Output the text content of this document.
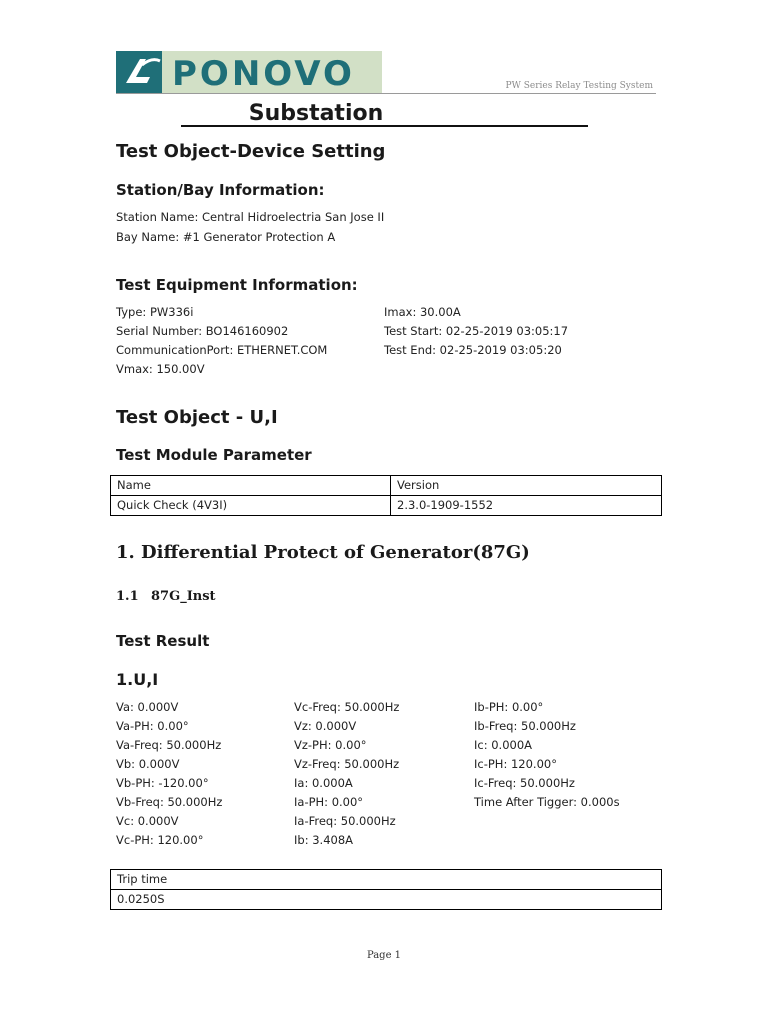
PONOVO	PW Series Relay Testing System
Substation
Test Object-Device Setting
Station/Bay Information:
Station Name: Central Hidroelectria San Jose II
Bay Name: #1 Generator Protection A
Test Equipment Information:
Type: PW336i
Serial Number: BO146160902
CommunicationPort: ETHERNET.COM
Vmax: 150.00V
Imax: 30.00A
Test Start: 02-25-2019 03:05:17
Test End: 02-25-2019 03:05:20
Test Object - U,I
Test Module Parameter
Name	Version
Quick Check (4V3I)	2.3.0-1909-1552
1. Differential Protect of Generator(87G)
1.1 87G_Inst
Test Result
1.U,I
Va: 0.000V
Va-PH: 0.00°
Va-Freq: 50.000Hz
Vb: 0.000V
Vb-PH: -120.00°
Vb-Freq: 50.000Hz
Vc: 0.000V
Vc-PH: 120.00°
Vc-Freq: 50.000Hz
Vz: 0.000V
Vz-PH: 0.00°
Vz-Freq: 50.000Hz
Ia: 0.000A
Ia-PH: 0.00°
Ia-Freq: 50.000Hz
Ib: 3.408A
Ib-PH: 0.00°
Ib-Freq: 50.000Hz
Ic: 0.000A
Ic-PH: 120.00°
Ic-Freq: 50.000Hz
Time After Tigger: 0.000s
Trip time
0.0250S
Page 1
